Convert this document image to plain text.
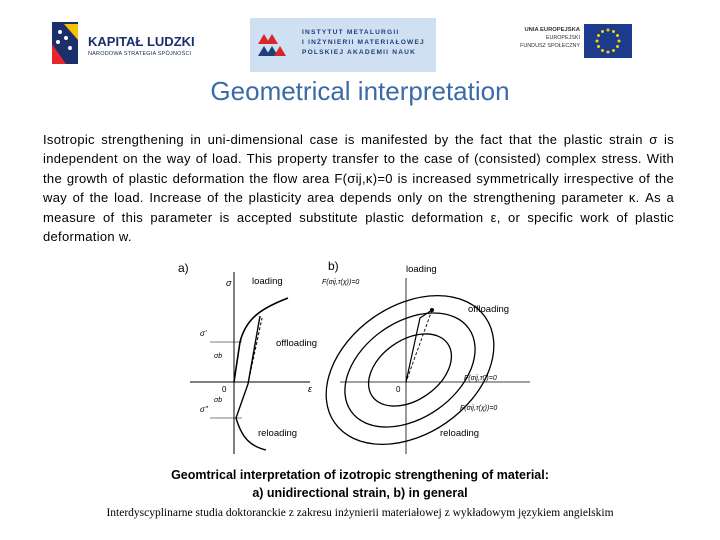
KAPITAŁ LUDZKI
NARODOWA STRATEGIA SPÓJNOŚCI
INSTYTUT METALURGII
I INŻYNIERII MATERIAŁOWEJ
POLSKIEJ AKADEMII NAUK
UNIA EUROPEJSKA
EUROPEJSKI
FUNDUSZ SPOŁECZNY
Geometrical interpretation
Isotropic strengthening in uni-dimensional case is manifested by the fact that the plastic strain σ is independent on the way of load. This property transfer to the case of (consisted) complex stress. With the growth of plastic deformation the flow area F(σij,κ)=0 is increased symmetrically irrespective of the way of the load. Increase of the plasticity area depends only on the strengthening parameter κ. As a measure of this parameter is accepted substitute plastic deformation ε, or specific work of plastic deformation w.
a)
σ
ε
0
σ'
σ''
σb
σb
b)
0
F(σij,τ(χ))=0
F(σij,τ0)=0
F(σij,τ(χ))=0
loading
loading
offloading
offloading
reloading	reloading
Geomtrical interpretation of izotropic strengthening of material:
a) unidirectional strain, b) in general
Interdyscyplinarne studia doktoranckie z zakresu inżynierii materiałowej z wykładowym językiem angielskim
